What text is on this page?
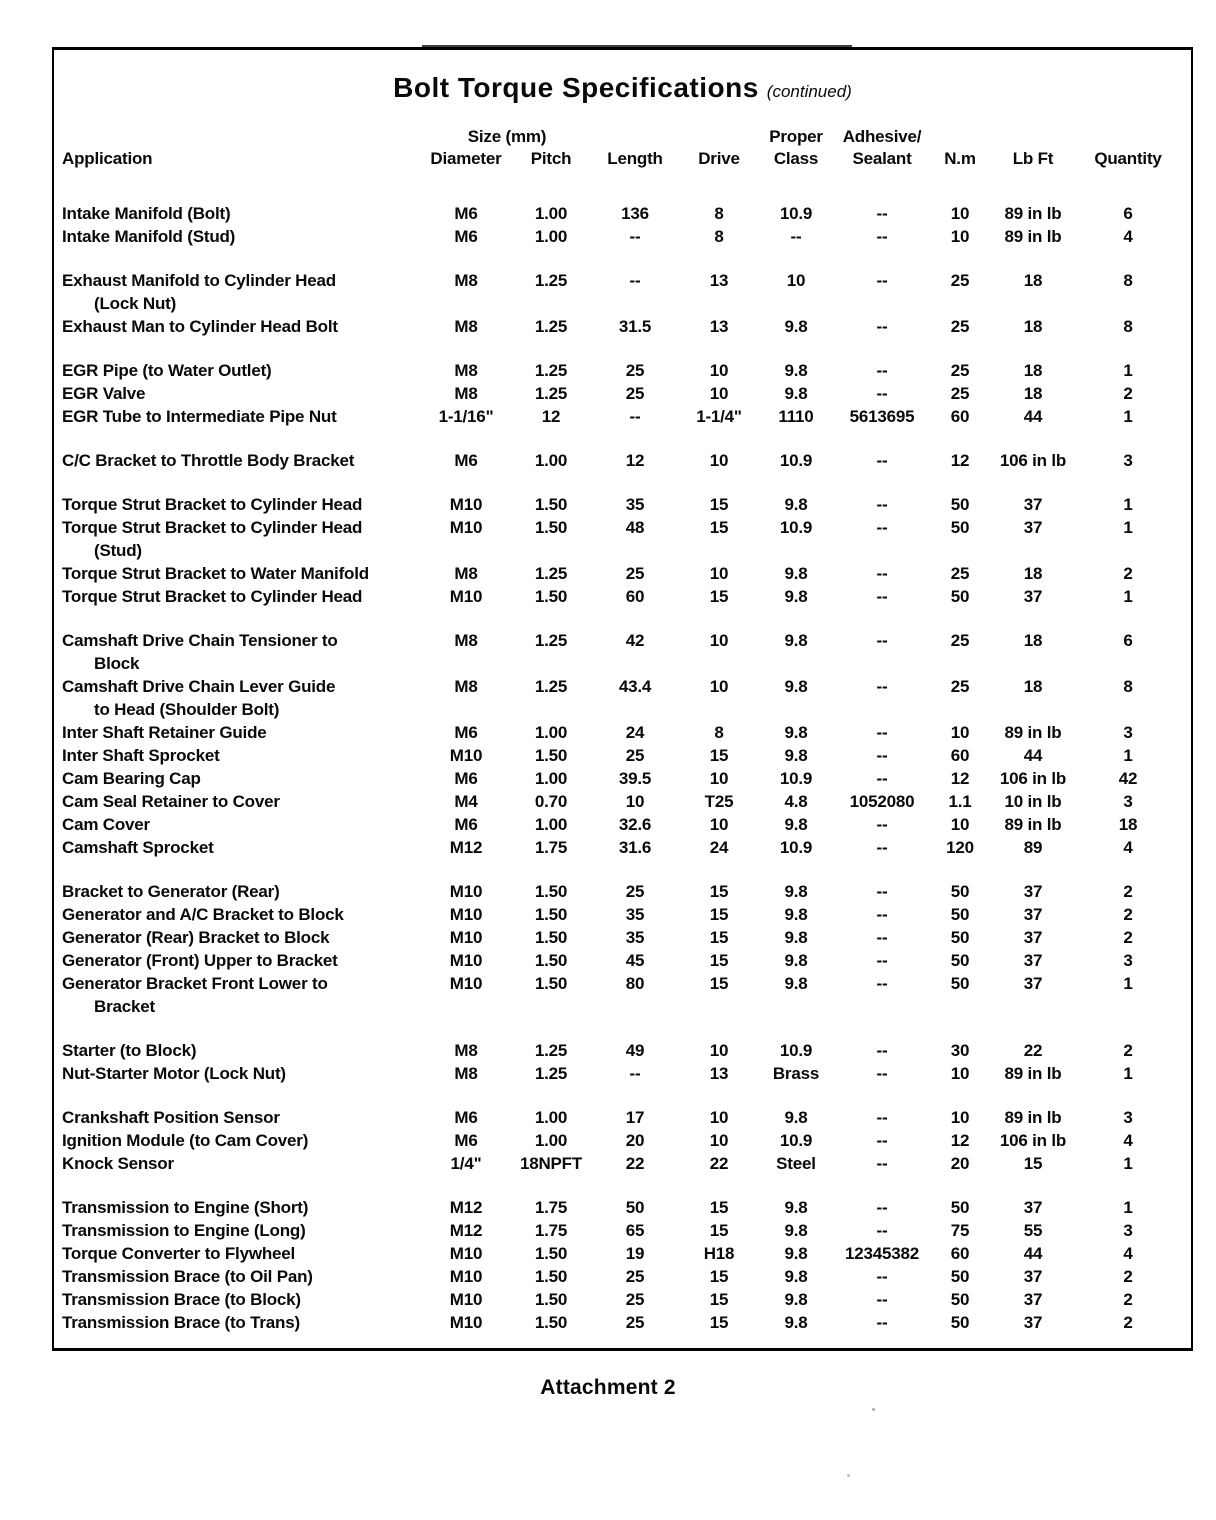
Bolt Torque Specifications (continued)
	Size (mm)				Proper	Adhesive/			
Application	Diameter	Pitch	Length	Drive	Class	Sealant	N.m	Lb Ft	Quantity

Intake Manifold (Bolt)	M6	1.00	136	8	10.9	--	10	89 in lb	6

Intake Manifold (Stud)	M6	1.00	--	8	--	--	10	89 in lb	4

Exhaust Manifold to Cylinder Head
(Lock Nut)	M8	1.25	--	13	10	--	25	18	8

Exhaust Man to Cylinder Head Bolt	M8	1.25	31.5	13	9.8	--	25	18	8

EGR Pipe (to Water Outlet)	M8	1.25	25	10	9.8	--	25	18	1

EGR Valve	M8	1.25	25	10	9.8	--	25	18	2

EGR Tube to Intermediate Pipe Nut	1-1/16"	12	--	1-1/4"	1110	5613695	60	44	1

C/C Bracket to Throttle Body Bracket	M6	1.00	12	10	10.9	--	12	106 in lb	3

Torque Strut Bracket to Cylinder Head	M10	1.50	35	15	9.8	--	50	37	1

Torque Strut Bracket to Cylinder Head
(Stud)	M10	1.50	48	15	10.9	--	50	37	1

Torque Strut Bracket to Water Manifold	M8	1.25	25	10	9.8	--	25	18	2

Torque Strut Bracket to Cylinder Head	M10	1.50	60	15	9.8	--	50	37	1

Camshaft Drive Chain Tensioner to
Block	M8	1.25	42	10	9.8	--	25	18	6

Camshaft Drive Chain Lever Guide
to Head (Shoulder Bolt)	M8	1.25	43.4	10	9.8	--	25	18	8

Inter Shaft Retainer Guide	M6	1.00	24	8	9.8	--	10	89 in lb	3

Inter Shaft Sprocket	M10	1.50	25	15	9.8	--	60	44	1

Cam Bearing Cap	M6	1.00	39.5	10	10.9	--	12	106 in lb	42

Cam Seal Retainer to Cover	M4	0.70	10	T25	4.8	1052080	1.1	10 in lb	3

Cam Cover	M6	1.00	32.6	10	9.8	--	10	89 in lb	18

Camshaft Sprocket	M12	1.75	31.6	24	10.9	--	120	89	4

Bracket to Generator (Rear)	M10	1.50	25	15	9.8	--	50	37	2

Generator and A/C Bracket to Block	M10	1.50	35	15	9.8	--	50	37	2

Generator (Rear) Bracket to Block	M10	1.50	35	15	9.8	--	50	37	2

Generator (Front) Upper to Bracket	M10	1.50	45	15	9.8	--	50	37	3

Generator Bracket Front Lower to
Bracket	M10	1.50	80	15	9.8	--	50	37	1

Starter (to Block)	M8	1.25	49	10	10.9	--	30	22	2

Nut-Starter Motor (Lock Nut)	M8	1.25	--	13	Brass	--	10	89 in lb	1

Crankshaft Position Sensor	M6	1.00	17	10	9.8	--	10	89 in lb	3

Ignition Module (to Cam Cover)	M6	1.00	20	10	10.9	--	12	106 in lb	4

Knock Sensor	1/4"	18NPFT	22	22	Steel	--	20	15	1

Transmission to Engine (Short)	M12	1.75	50	15	9.8	--	50	37	1

Transmission to Engine (Long)	M12	1.75	65	15	9.8	--	75	55	3

Torque Converter to Flywheel	M10	1.50	19	H18	9.8	12345382	60	44	4

Transmission Brace (to Oil Pan)	M10	1.50	25	15	9.8	--	50	37	2

Transmission Brace (to Block)	M10	1.50	25	15	9.8	--	50	37	2

Transmission Brace (to Trans)	M10	1.50	25	15	9.8	--	50	37	2
Attachment 2
